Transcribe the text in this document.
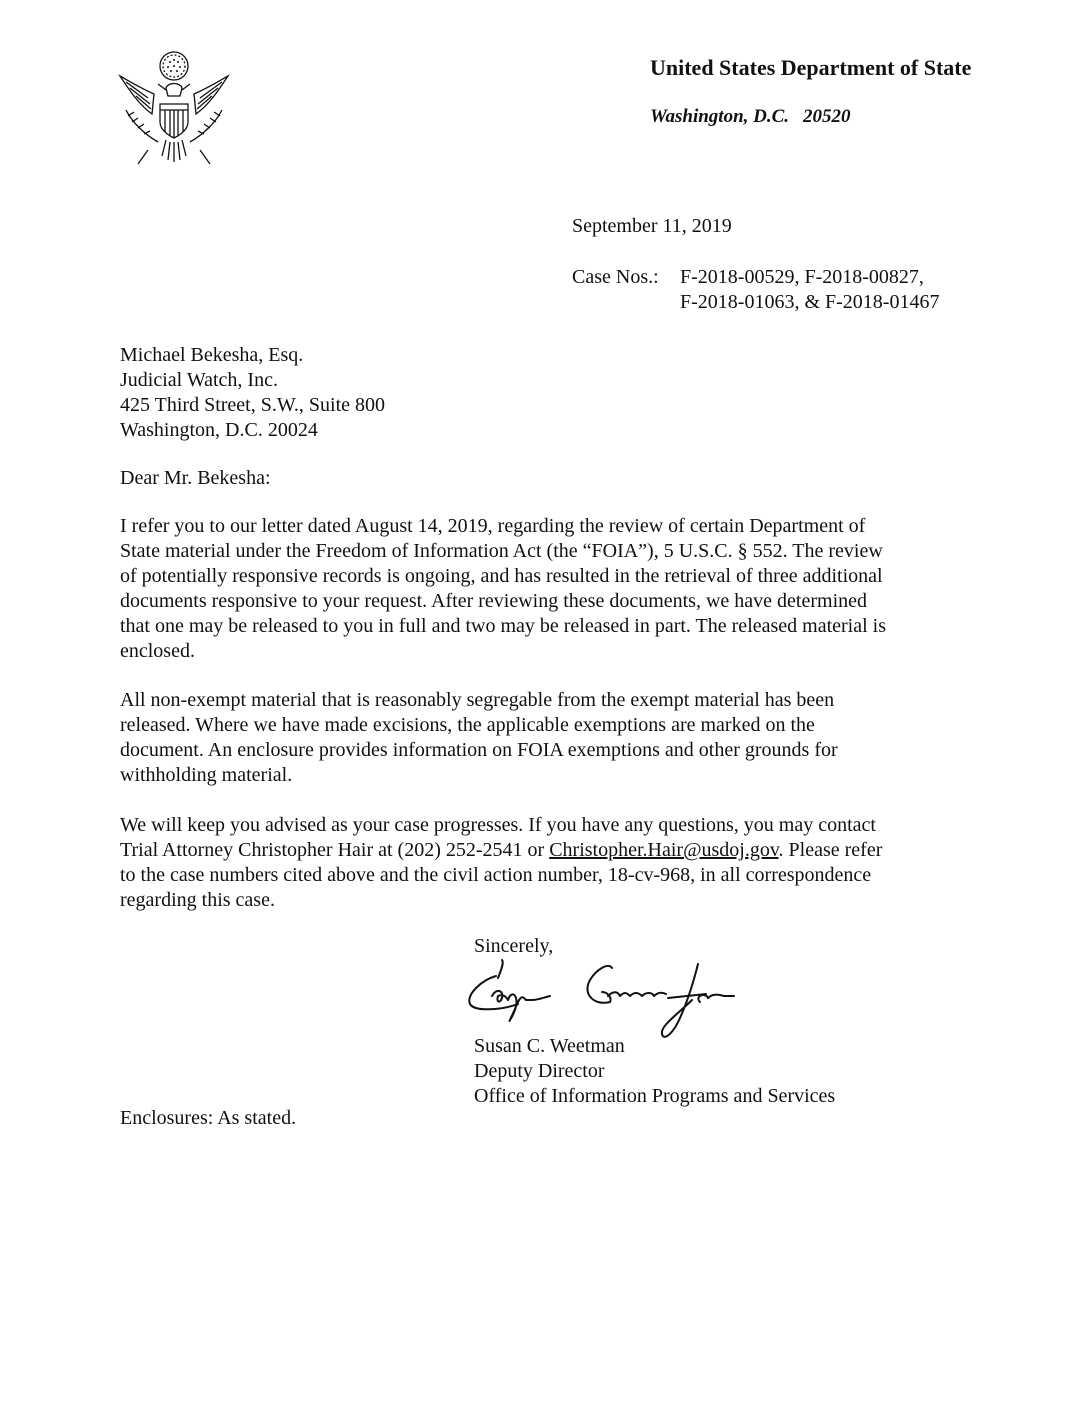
United States Department of State
Washington, D.C. 20520
September 11, 2019
Case Nos.: F-2018-00529, F-2018-00827,
F-2018-01063, & F-2018-01467
Michael Bekesha, Esq.
Judicial Watch, Inc.
425 Third Street, S.W., Suite 800
Washington, D.C. 20024
Dear Mr. Bekesha:
I refer you to our letter dated August 14, 2019, regarding the review of certain Department of
State material under the Freedom of Information Act (the “FOIA”), 5 U.S.C. § 552. The review
of potentially responsive records is ongoing, and has resulted in the retrieval of three additional
documents responsive to your request. After reviewing these documents, we have determined
that one may be released to you in full and two may be released in part. The released material is
enclosed.
All non-exempt material that is reasonably segregable from the exempt material has been
released. Where we have made excisions, the applicable exemptions are marked on the
document. An enclosure provides information on FOIA exemptions and other grounds for
withholding material.
We will keep you advised as your case progresses. If you have any questions, you may contact
Trial Attorney Christopher Hair at (202) 252-2541 or Christopher.Hair@usdoj.gov. Please refer
to the case numbers cited above and the civil action number, 18-cv-968, in all correspondence
regarding this case.
Sincerely,
Susan C. Weetman
Deputy Director
Office of Information Programs and Services
Enclosures: As stated.
